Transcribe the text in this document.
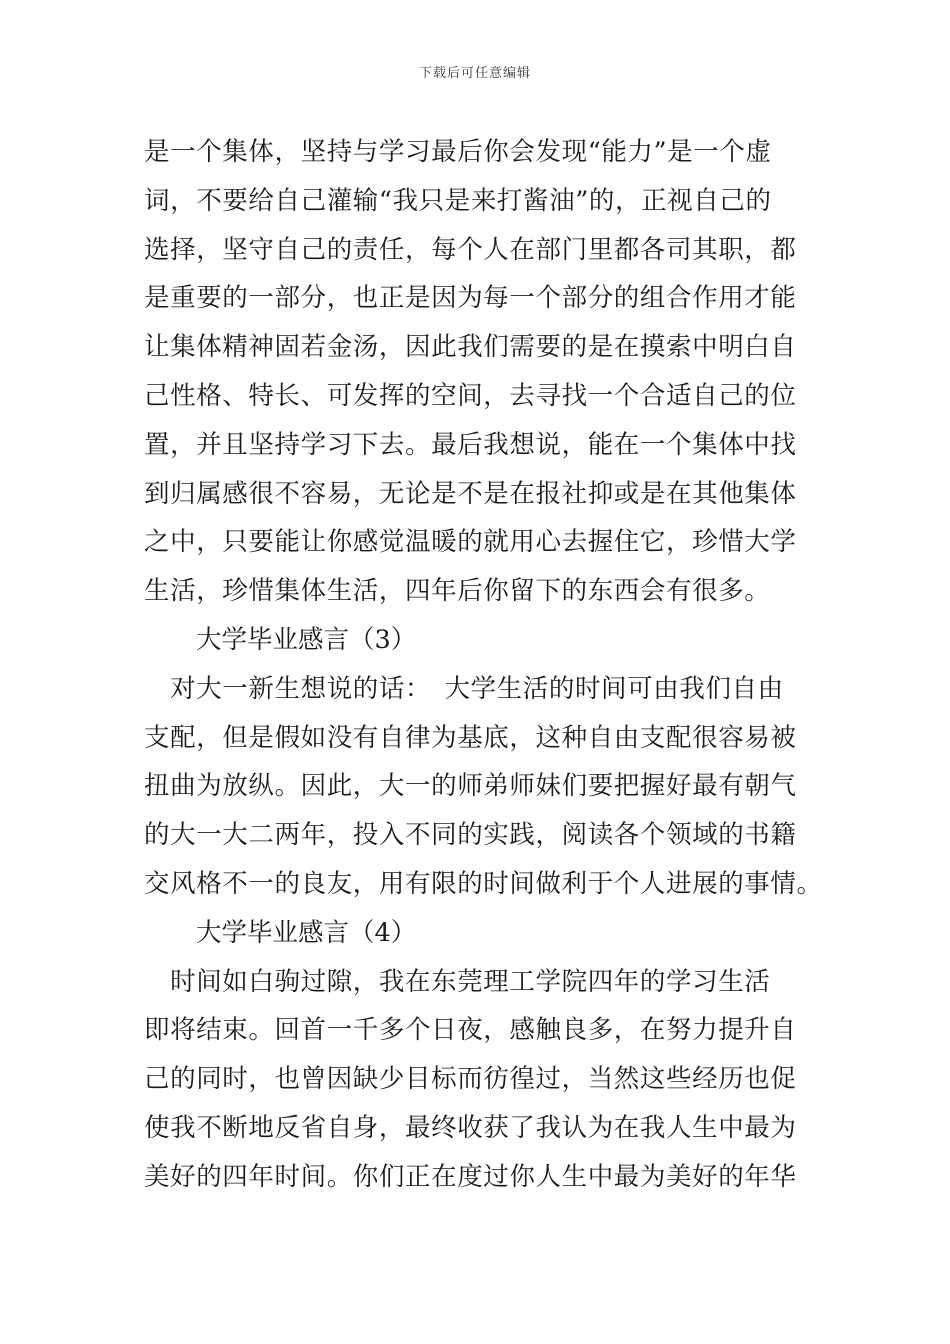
下载后可任意编辑
是一个集体，坚持与学习最后你会发现“能力”是一个虚
词，不要给自己灌输“我只是来打酱油”的，正视自己的
选择，坚守自己的责任，每个人在部门里都各司其职，都
是重要的一部分，也正是因为每一个部分的组合作用才能
让集体精神固若金汤，因此我们需要的是在摸索中明白自
己性格、特长、可发挥的空间，去寻找一个合适自己的位
置，并且坚持学习下去。最后我想说，能在一个集体中找
到归属感很不容易，无论是不是在报社抑或是在其他集体
之中，只要能让你感觉温暖的就用心去握住它，珍惜大学
生活，珍惜集体生活，四年后你留下的东西会有很多。
大学毕业感言（3）
　对大一新生想说的话：　大学生活的时间可由我们自由
支配，但是假如没有自律为基底，这种自由支配很容易被
扭曲为放纵。因此，大一的师弟师妹们要把握好最有朝气
的大一大二两年，投入不同的实践，阅读各个领域的书籍
交风格不一的良友，用有限的时间做利于个人进展的事情。
大学毕业感言（4）
　时间如白驹过隙，我在东莞理工学院四年的学习生活
即将结束。回首一千多个日夜，感触良多，在努力提升自
己的同时，也曾因缺少目标而彷徨过，当然这些经历也促
使我不断地反省自身，最终收获了我认为在我人生中最为
美好的四年时间。你们正在度过你人生中最为美好的年华
